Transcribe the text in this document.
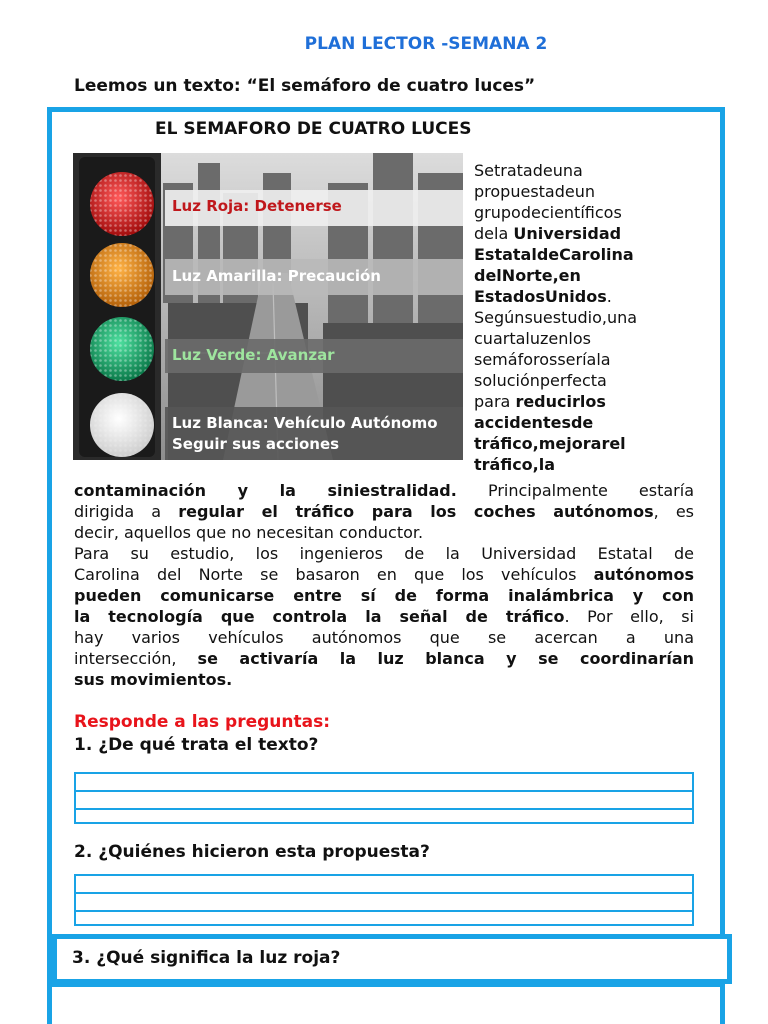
PLAN LECTOR -SEMANA 2
Leemos un texto: “El semáforo de cuatro luces”
EL SEMAFORO DE CUATRO LUCES
Luz Roja: Detenerse
Luz Amarilla: Precaución
Luz Verde: Avanzar
Luz Blanca: Vehículo Autónomo
Seguir sus acciones
Setratadeuna
propuestadeun
grupodecientíficos
dela Universidad
EstataldeCarolina
delNorte,en
EstadosUnidos.
Segúnsuestudio,una
cuartaluzenlos
semáforosseríala
soluciónperfecta
para reducirlos
accidentesde
tráfico,mejorarel
tráfico,la
contaminación y la siniestralidad. Principalmente estaría
dirigida a regular el tráfico para los coches autónomos, es
decir, aquellos que no necesitan conductor.
Para su estudio, los ingenieros de la Universidad Estatal de
Carolina del Norte se basaron en que los vehículos autónomos
pueden comunicarse entre sí de forma inalámbrica y con
la tecnología que controla la señal de tráfico. Por ello, si
hay varios vehículos autónomos que se acercan a una
intersección, se activaría la luz blanca y se coordinarían
sus movimientos.
Responde a las preguntas:
1. ¿De qué trata el texto?
2. ¿Quiénes hicieron esta propuesta?
3. ¿Qué significa la luz roja?
